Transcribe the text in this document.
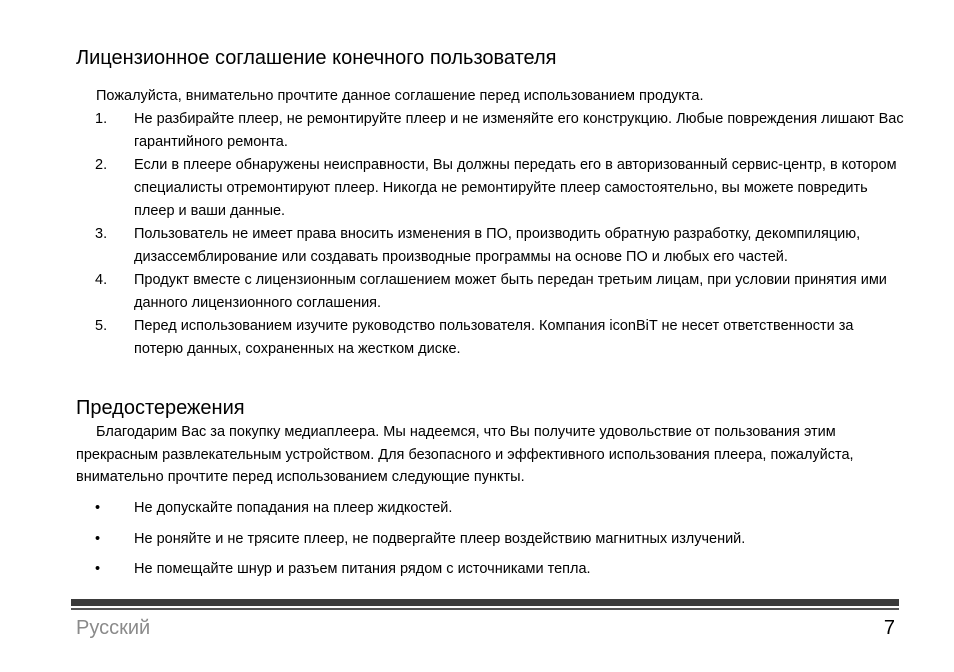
Лицензионное соглашение конечного пользователя
Пожалуйста, внимательно прочтите данное соглашение перед использованием продукта.
1. Не разбирайте плеер, не ремонтируйте плеер и не изменяйте его конструкцию. Любые повреждения лишают Вас гарантийного ремонта.
2. Если в плеере обнаружены неисправности, Вы должны передать его в авторизованный сервис-центр, в котором специалисты отремонтируют плеер. Никогда не ремонтируйте плеер самостоятельно, вы можете повредить плеер и ваши данные.
3. Пользователь не имеет права вносить изменения в ПО, производить обратную разработку, декомпиляцию, дизассемблирование или создавать производные программы на основе ПО и любых его частей.
4. Продукт вместе с лицензионным соглашением может быть передан третьим лицам, при условии принятия ими данного лицензионного соглашения.
5. Перед использованием изучите руководство пользователя. Компания iconBiT не несет ответственности за потерю данных, сохраненных на жестком диске.
Предостережения
Благодарим Вас за покупку медиаплеера. Мы надеемся, что Вы получите удовольствие от пользования этим прекрасным развлекательным устройством. Для безопасного и эффективного использования плеера, пожалуйста, внимательно прочтите перед использованием следующие пункты.
• Не допускайте попадания на плеер жидкостей.
• Не роняйте и не трясите плеер, не подвергайте плеер воздействию магнитных излучений.
• Не помещайте шнур и разъем питания рядом с источниками тепла.
Русский	7
